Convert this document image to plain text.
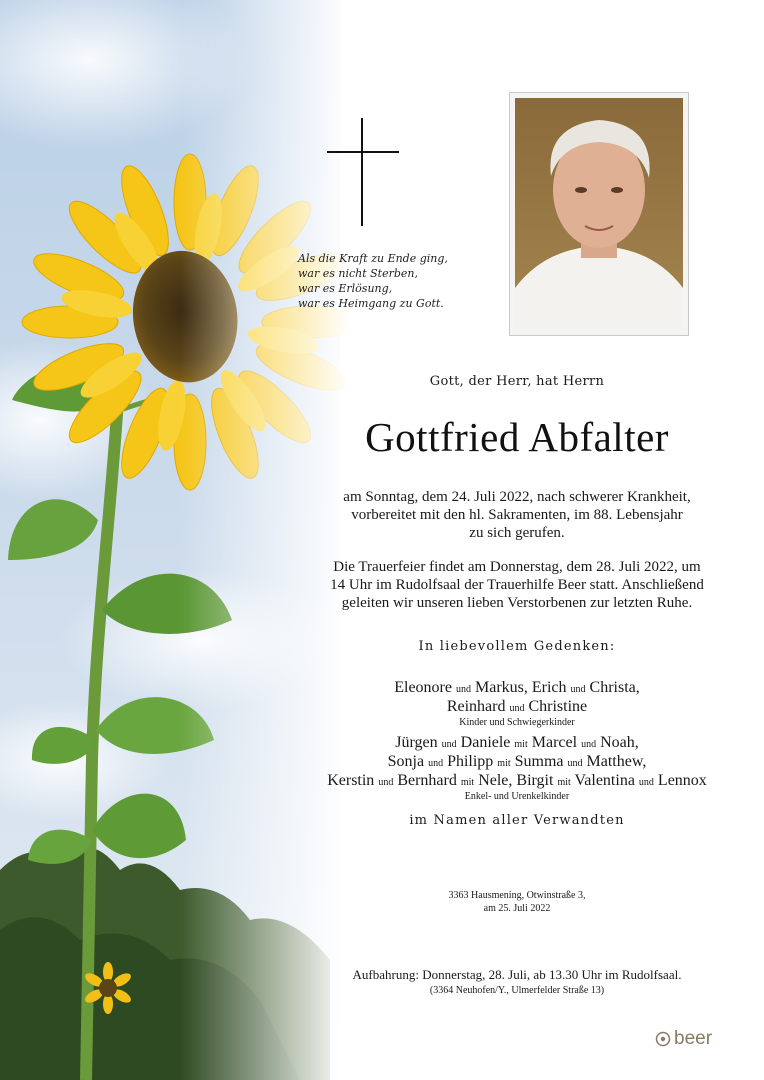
Als die Kraft zu Ende ging,
war es nicht Sterben,
war es Erlösung,
war es Heimgang zu Gott.
Gott, der Herr, hat Herrn
Gottfried Abfalter
am Sonntag, dem 24. Juli 2022, nach schwerer Krankheit,
vorbereitet mit den hl. Sakramenten, im 88. Lebensjahr
zu sich gerufen.
Die Trauerfeier findet am Donnerstag, dem 28. Juli 2022, um
14 Uhr im Rudolfsaal der Trauerhilfe Beer statt. Anschließend
geleiten wir unseren lieben Verstorbenen zur letzten Ruhe.
In liebevollem Gedenken:
Eleonore und Markus, Erich und Christa,
Reinhard und Christine
Kinder und Schwiegerkinder
Jürgen und Daniele mit Marcel und Noah,
Sonja und Philipp mit Summa und Matthew,
Kerstin und Bernhard mit Nele, Birgit mit Valentina und Lennox
Enkel- und Urenkelkinder
im Namen aller Verwandten
3363 Hausmening, Otwinstraße 3,
am 25. Juli 2022
Aufbahrung: Donnerstag, 28. Juli, ab 13.30 Uhr im Rudolfsaal.
(3364 Neuhofen/Y., Ulmerfelder Straße 13)
beer
